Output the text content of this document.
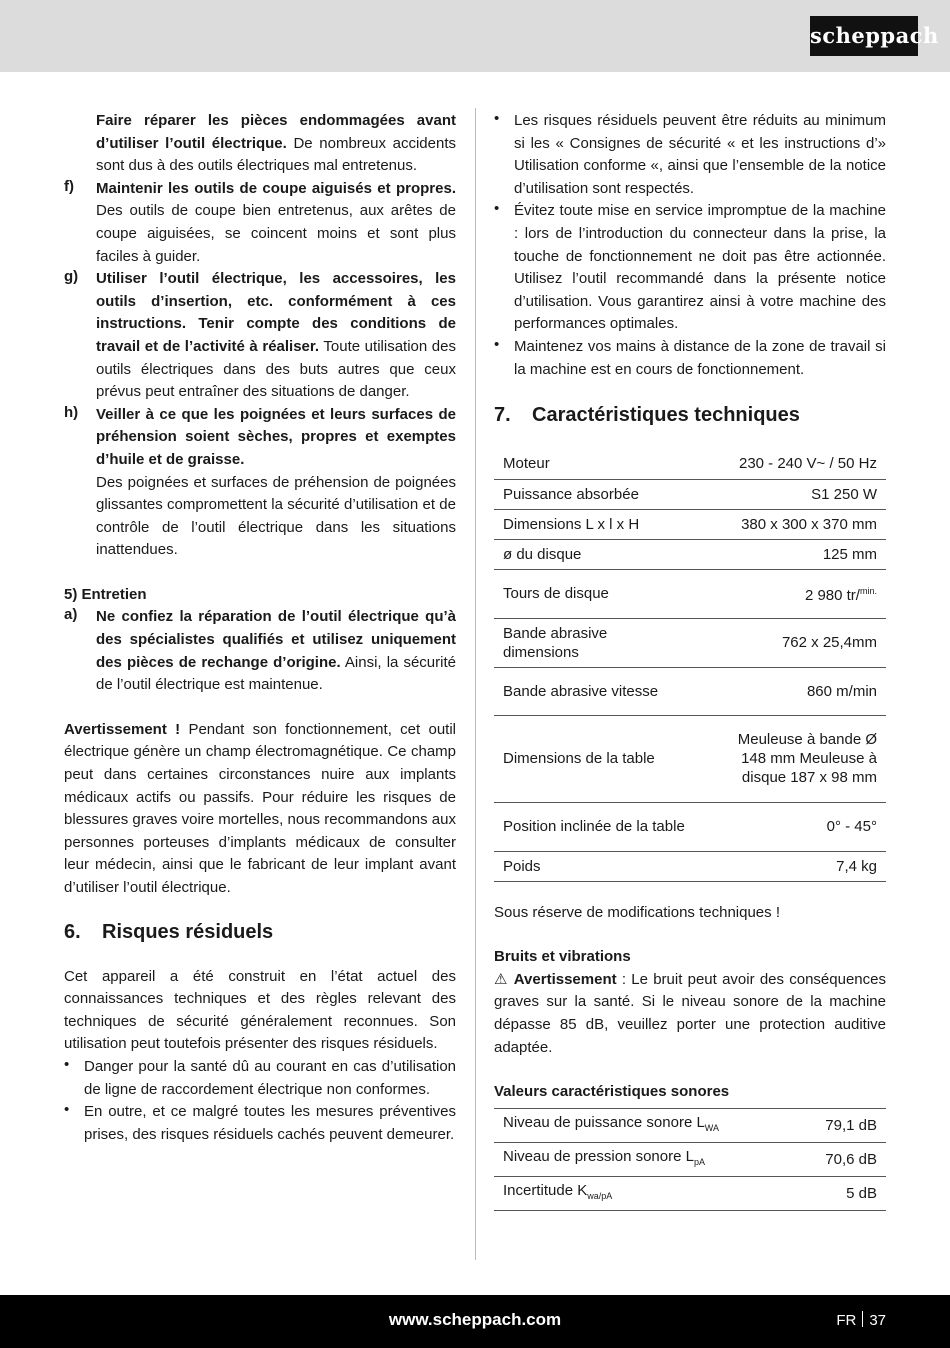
scheppach

Faire réparer les pièces endommagées avant d’utiliser l’outil électrique. De nombreux accidents sont dus à des outils électriques mal entretenus.

f) Maintenir les outils de coupe aiguisés et propres. Des outils de coupe bien entretenus, aux arêtes de coupe aiguisées, se coincent moins et sont plus faciles à guider.

g) Utiliser l’outil électrique, les accessoires, les outils d’insertion, etc. conformément à ces instructions. Tenir compte des conditions de travail et de l’activité à réaliser. Toute utilisation des outils électriques dans des buts autres que ceux prévus peut entraîner des situations de danger.

h) Veiller à ce que les poignées et leurs surfaces de préhension soient sèches, propres et exemptes d’huile et de graisse.

Des poignées et surfaces de préhension de poignées glissantes compromettent la sécurité d’utilisation et de contrôle de l’outil électrique dans les situations inattendues.

5) Entretien
a) Ne confiez la réparation de l’outil électrique qu’à des spécialistes qualifiés et utilisez uniquement des pièces de rechange d’origine. Ainsi, la sécurité de l’outil électrique est maintenue.

Avertissement ! Pendant son fonctionnement, cet outil électrique génère un champ électromagnétique. Ce champ peut dans certaines circonstances nuire aux implants médicaux actifs ou passifs. Pour réduire les risques de blessures graves voire mortelles, nous recommandons aux personnes porteuses d’implants médicaux de consulter leur médecin, ainsi que le fabricant de leur implant avant d’utiliser l’outil électrique.

6. Risques résiduels

Cet appareil a été construit en l’état actuel des connaissances techniques et des règles relevant des techniques de sécurité généralement reconnues. Son utilisation peut toutefois présenter des risques résiduels.

• Danger pour la santé dû au courant en cas d’utilisation de ligne de raccordement électrique non conformes.

• En outre, et ce malgré toutes les mesures préventives prises, des risques résiduels cachés peuvent demeurer.

• Les risques résiduels peuvent être réduits au minimum si les « Consignes de sécurité « et les instructions d’» Utilisation conforme «, ainsi que l’ensemble de la notice d’utilisation sont respectés.

• Évitez toute mise en service impromptue de la machine : lors de l’introduction du connecteur dans la prise, la touche de fonctionnement ne doit pas être actionnée. Utilisez l’outil recommandé dans la présente notice d’utilisation. Vous garantirez ainsi à votre machine des performances optimales.

• Maintenez vos mains à distance de la zone de travail si la machine est en cours de fonctionnement.

7. Caractéristiques techniques
Moteur	230 - 240 V~ / 50 Hz
Puissance absorbée	S1 250 W
Dimensions L x l x H	380 x 300 x 370 mm
ø du disque	125 mm
Tours de disque	2 980 tr/$^{min.}$
Bande abrasive dimensions	762 x 25,4mm
Bande abrasive vitesse	860 m/min
Dimensions de la table	Meuleuse à bande Ø 148 mm Meuleuse à disque 187 x 98 mm
Position inclinée de la table	0° - 45°
Poids	7,4 kg

Sous réserve de modifications techniques !

Bruits et vibrations

⚠ Avertissement : Le bruit peut avoir des conséquences graves sur la santé. Si le niveau sonore de la machine dépasse 85 dB, veuillez porter une protection auditive adaptée.

Valeurs caractéristiques sonores
Niveau de puissance sonore $L_{WA}$	79,1 dB
Niveau de pression sonore $L_{pA}$	70,6 dB
Incertitude $K_{wa/pA}$	5 dB
www.scheppach.com	FR 37
